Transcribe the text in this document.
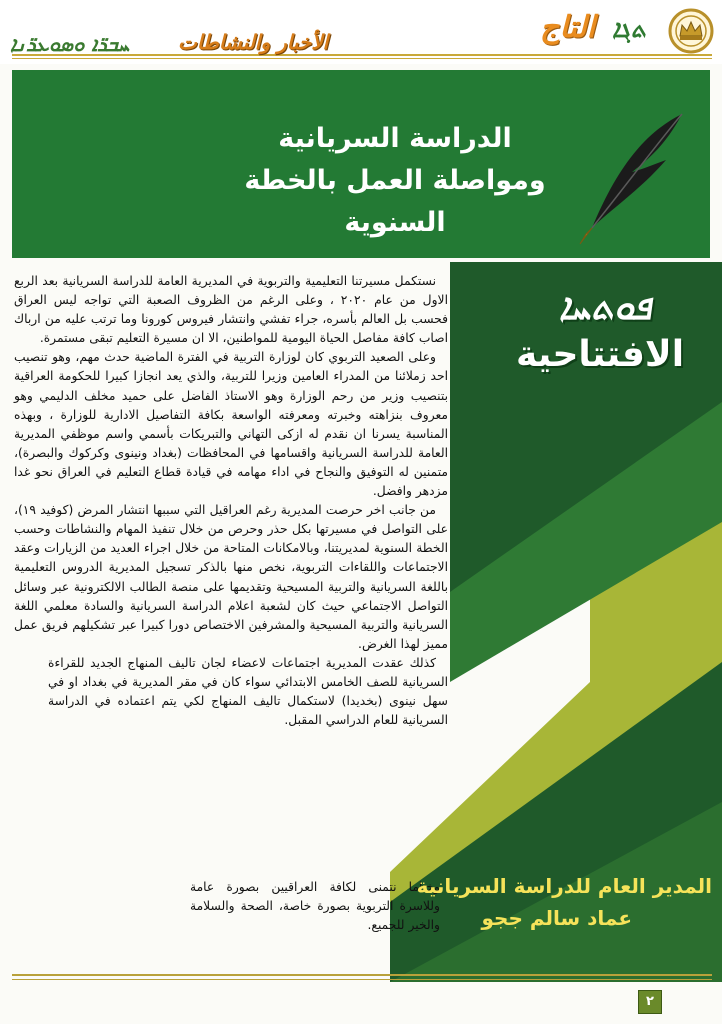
ܬܓܐ
التاج
الأخبار والنشاطات
ܚܒܪ̈ܐ ܘܣܘܥܪ̈ܢܐ
الدراسة السريانية
ومواصلة العمل بالخطة السنوية
ܦܘܬܚܐ
الافتتاحية

نستكمل مسيرتنا التعليمية والتربوية في المديرية العامة للدراسة السريانية بعد الربع الاول من عام ٢٠٢٠ ، وعلى الرغم من الظروف الصعبة التي تواجه ليس العراق فحسب بل العالم بأسره، جراء تفشي وانتشار فيروس كورونا وما ترتب عليه من ارباك اصاب كافة مفاصل الحياة اليومية للمواطنين، الا ان مسيرة التعليم تبقى مستمرة.

وعلى الصعيد التربوي كان لوزارة التربية في الفترة الماضية حدث مهم، وهو تنصيب احد زملائنا من المدراء العامين وزيرا للتربية، والذي يعد انجازا كبيرا للحكومة العراقية بتنصيب وزير من رحم الوزارة وهو الاستاذ الفاضل على حميد مخلف الدليمي وهو معروف بنزاهته وخبرته ومعرفته الواسعة بكافة التفاصيل الادارية للوزارة ، وبهذه المناسبة يسرنا ان نقدم له ازكى التهاني والتبريكات بأسمي واسم موظفي المديرية العامة للدراسة السريانية واقسامها في المحافظات (بغداد ونينوى وكركوك والبصرة)، متمنين له التوفيق والنجاح في اداء مهامه في قيادة قطاع التعليم في العراق نحو غدا مزدهر وافضل.

من جانب اخر حرصت المديرية رغم العراقيل التي سببها انتشار المرض (كوفيد ١٩)، على التواصل في مسيرتها بكل حذر وحرص من خلال تنفيذ المهام والنشاطات وحسب الخطة السنوية لمديريتنا، وبالامكانات المتاحة من خلال اجراء العديد من الزيارات وعقد الاجتماعات واللقاءات التربوية، نخص منها بالذكر تسجيل المديرية الدروس التعليمية باللغة السريانية والتربية المسيحية وتقديمها على منصة الطالب الالكترونية عبر وسائل التواصل الاجتماعي حيث كان لشعبة اعلام الدراسة السريانية والسادة معلمي اللغة السريانية والتربية المسيحية والمشرفين الاختصاص دورا كبيرا عبر تشكيلهم فريق عمل مميز لهذا الغرض.

كذلك عقدت المديرية اجتماعات لاعضاء لجان تاليف المنهاج الجديد للقراءة السريانية للصف الخامس الابتدائي سواء كان في مقر المديرية في بغداد او في سهل نينوى (بخديدا) لاستكمال تاليف المنهاج لكي يتم اعتماده في الدراسة السريانية للعام الدراسي المقبل.

وختاما نتمنى لكافة العراقيين بصورة عامة وللاسرة التربوية بصورة خاصة، الصحة والسلامة والخير للجميع.

المدير العام للدراسة السريانية
عماد سالم ججو
٢
